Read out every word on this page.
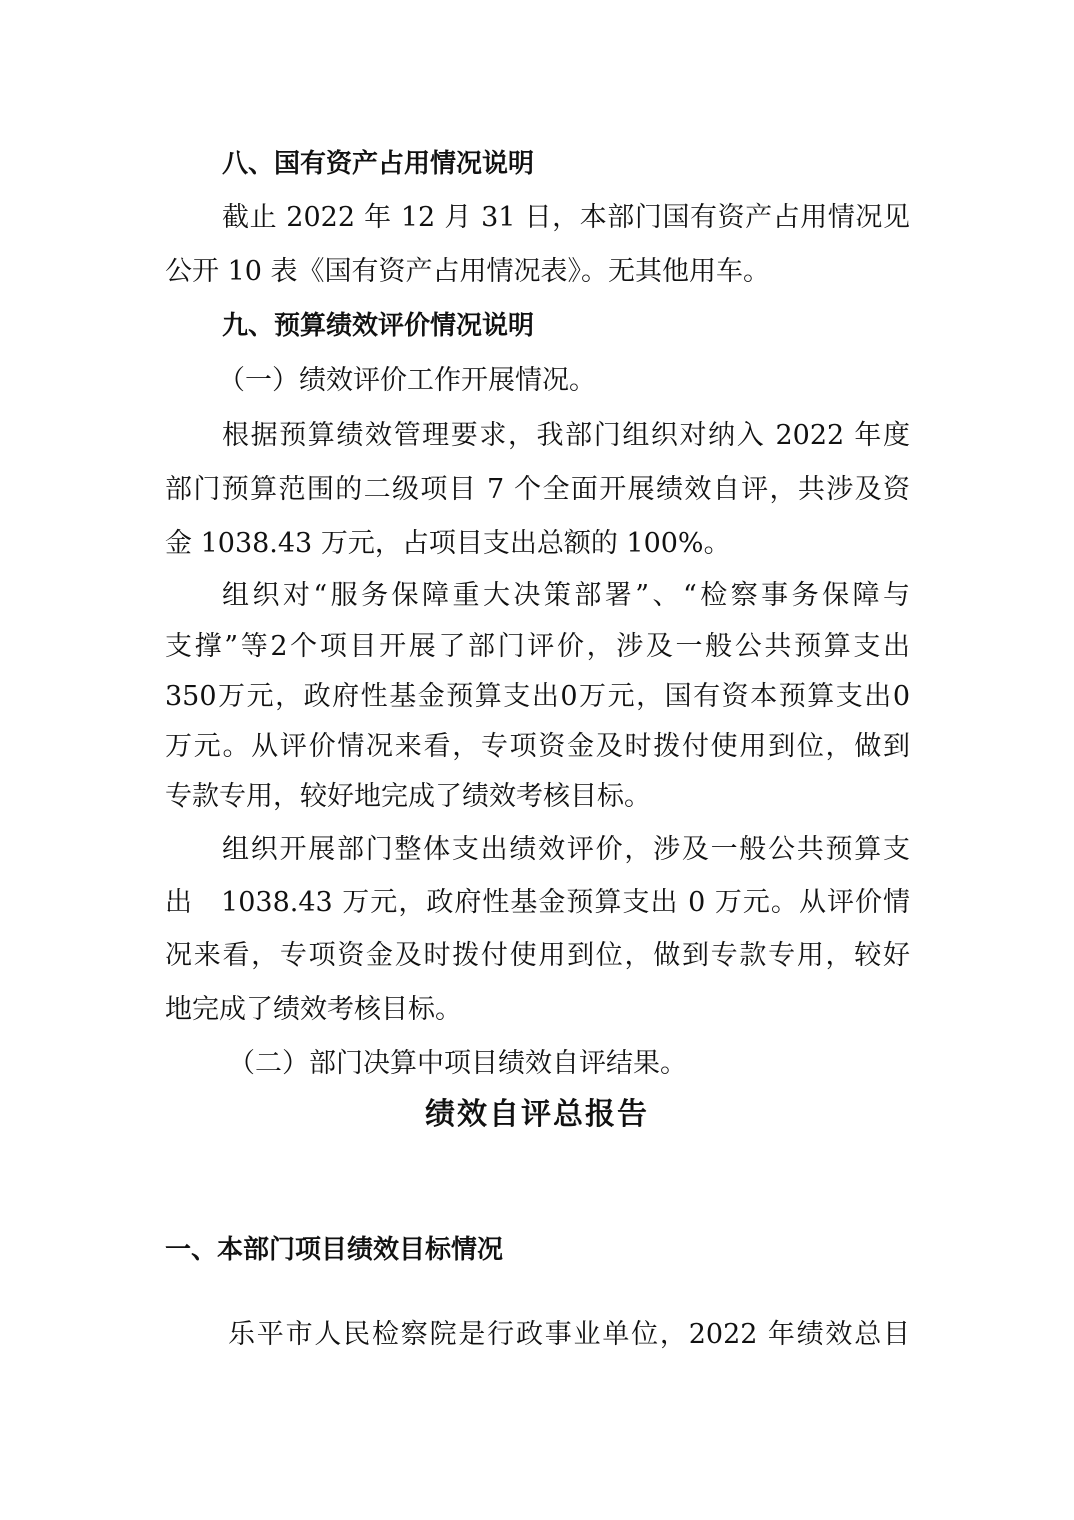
八、国有资产占用情况说明
截止 2022 年 12 月 31 日，本部门国有资产占用情况见
公开 10 表《国有资产占用情况表》。无其他用车。
九、预算绩效评价情况说明
（一）绩效评价工作开展情况。
根据预算绩效管理要求，我部门组织对纳入 2022 年度
部门预算范围的二级项目 7 个全面开展绩效自评，共涉及资
金 1038.43 万元，占项目支出总额的 100%。
组织对“服务保障重大决策部署”、“检察事务保障与
支撑”等2个项目开展了部门评价，涉及一般公共预算支出
350万元，政府性基金预算支出0万元，国有资本预算支出0
万元。从评价情况来看，专项资金及时拨付使用到位，做到
专款专用，较好地完成了绩效考核目标。
组织开展部门整体支出绩效评价，涉及一般公共预算支
出　1038.43 万元，政府性基金预算支出 0 万元。从评价情
况来看，专项资金及时拨付使用到位，做到专款专用，较好
地完成了绩效考核目标。
（二）部门决算中项目绩效自评结果。
绩效自评总报告
一、本部门项目绩效目标情况
乐平市人民检察院是行政事业单位，2022 年绩效总目
